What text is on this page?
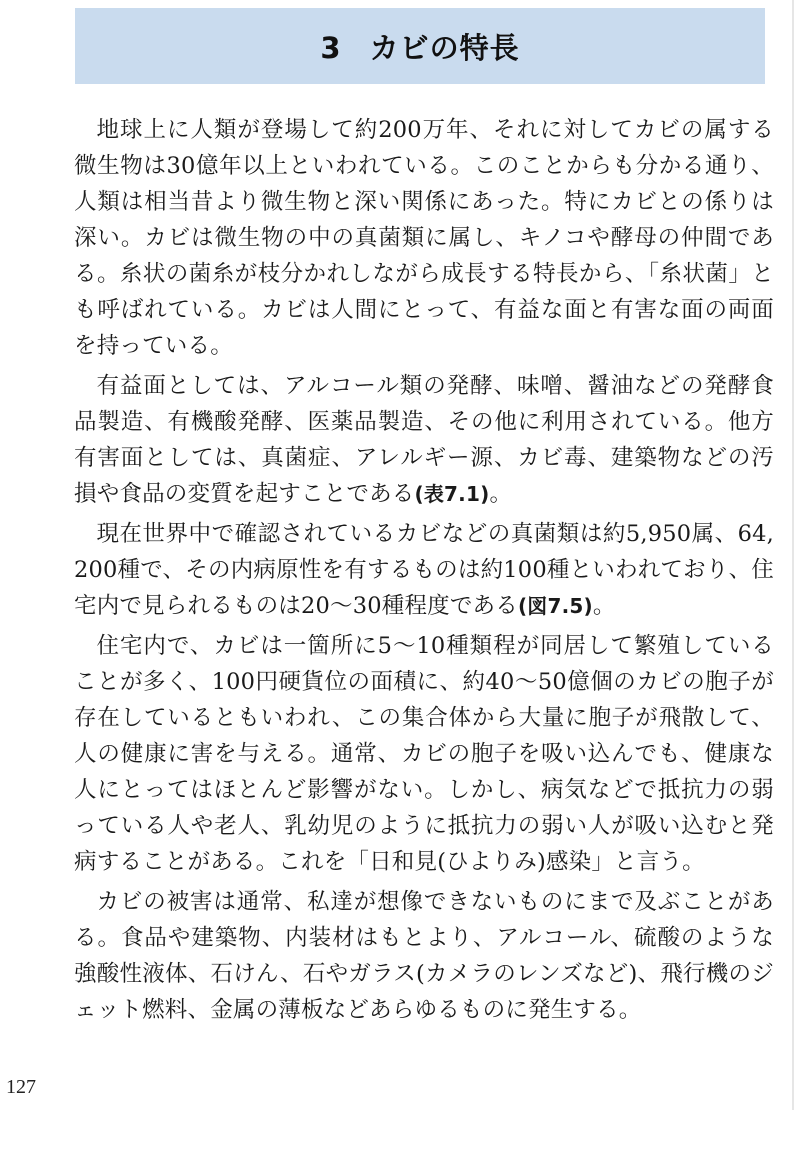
3 カビの特長

地球上に人類が登場して約200万年、それに対してカビの属する微生物は30億年以上といわれている。このことからも分かる通り、人類は相当昔より微生物と深い関係にあった。特にカビとの係りは深い。カビは微生物の中の真菌類に属し、キノコや酵母の仲間である。糸状の菌糸が枝分かれしながら成長する特長から、「糸状菌」とも呼ばれている。カビは人間にとって、有益な面と有害な面の両面を持っている。

有益面としては、アルコール類の発酵、味噌、醤油などの発酵食品製造、有機酸発酵、医薬品製造、その他に利用されている。他方有害面としては、真菌症、アレルギー源、カビ毒、建築物などの汚損や食品の変質を起すことである(表7.1)。

現在世界中で確認されているカビなどの真菌類は約5,950属、64,200種で、その内病原性を有するものは約100種といわれており、住宅内で見られるものは20〜30種程度である(図7.5)。

住宅内で、カビは一箇所に5〜10種類程が同居して繁殖していることが多く、100円硬貨位の面積に、約40〜50億個のカビの胞子が存在しているともいわれ、この集合体から大量に胞子が飛散して、人の健康に害を与える。通常、カビの胞子を吸い込んでも、健康な人にとってはほとんど影響がない。しかし、病気などで抵抗力の弱っている人や老人、乳幼児のように抵抗力の弱い人が吸い込むと発病することがある。これを「日和見(ひよりみ)感染」と言う。

カビの被害は通常、私達が想像できないものにまで及ぶことがある。食品や建築物、内装材はもとより、アルコール、硫酸のような強酸性液体、石けん、石やガラス(カメラのレンズなど)、飛行機のジェット燃料、金属の薄板などあらゆるものに発生する。

127
